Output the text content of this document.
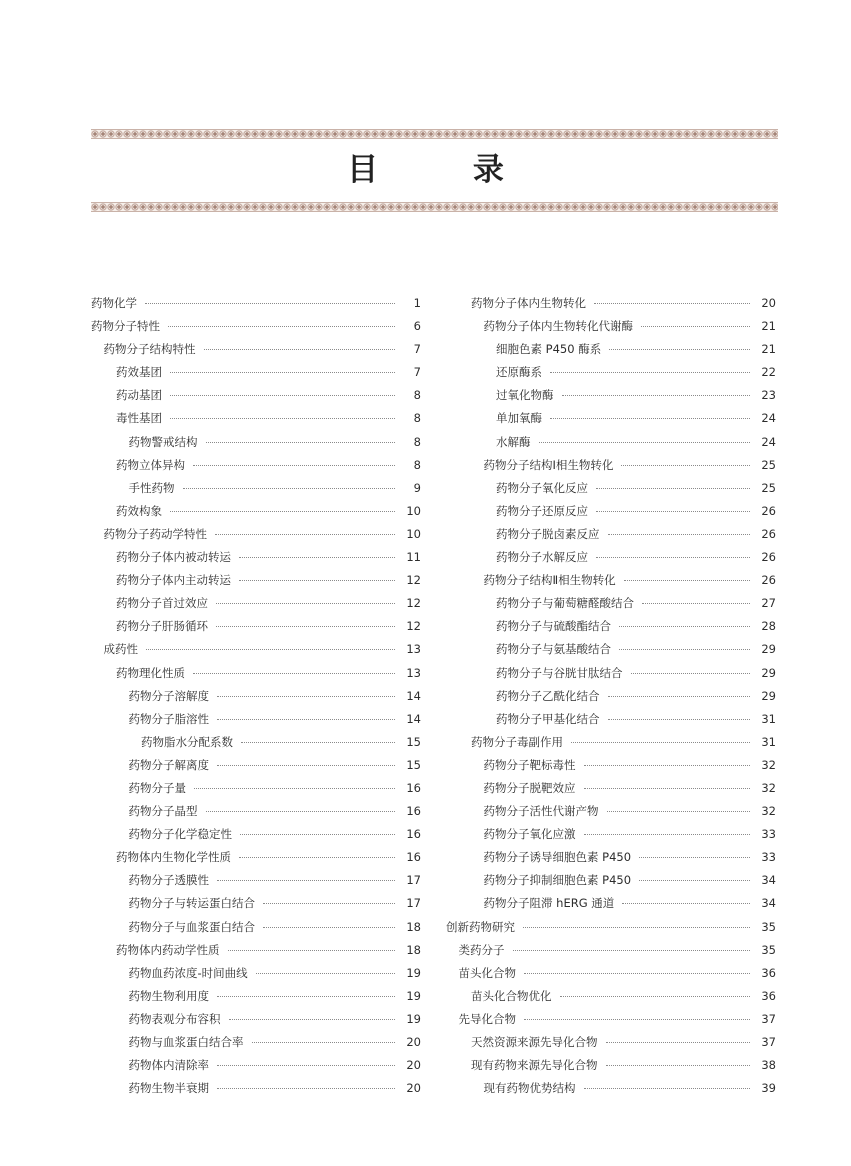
目 录
药物化学	1
药物分子特性	6
药物分子结构特性	7
药效基团	7
药动基团	8
毒性基团	8
药物警戒结构	8
药物立体异构	8
手性药物	9
药效构象	10
药物分子药动学特性	10
药物分子体内被动转运	11
药物分子体内主动转运	12
药物分子首过效应	12
药物分子肝肠循环	12
成药性	13
药物理化性质	13
药物分子溶解度	14
药物分子脂溶性	14
药物脂水分配系数	15
药物分子解离度	15
药物分子量	16
药物分子晶型	16
药物分子化学稳定性	16
药物体内生物化学性质	16
药物分子透膜性	17
药物分子与转运蛋白结合	17
药物分子与血浆蛋白结合	18
药物体内药动学性质	18
药物血药浓度-时间曲线	19
药物生物利用度	19
药物表观分布容积	19
药物与血浆蛋白结合率	20
药物体内清除率	20
药物生物半衰期	20
药物分子体内生物转化	20
药物分子体内生物转化代谢酶	21
细胞色素 P450 酶系	21
还原酶系	22
过氧化物酶	23
单加氧酶	24
水解酶	24
药物分子结构Ⅰ相生物转化	25
药物分子氧化反应	25
药物分子还原反应	26
药物分子脱卤素反应	26
药物分子水解反应	26
药物分子结构Ⅱ相生物转化	26
药物分子与葡萄糖醛酸结合	27
药物分子与硫酸酯结合	28
药物分子与氨基酸结合	29
药物分子与谷胱甘肽结合	29
药物分子乙酰化结合	29
药物分子甲基化结合	31
药物分子毒副作用	31
药物分子靶标毒性	32
药物分子脱靶效应	32
药物分子活性代谢产物	32
药物分子氧化应激	33
药物分子诱导细胞色素 P450	33
药物分子抑制细胞色素 P450	34
药物分子阻滞 hERG 通道	34
创新药物研究	35
类药分子	35
苗头化合物	36
苗头化合物优化	36
先导化合物	37
天然资源来源先导化合物	37
现有药物来源先导化合物	38
现有药物优势结构	39
